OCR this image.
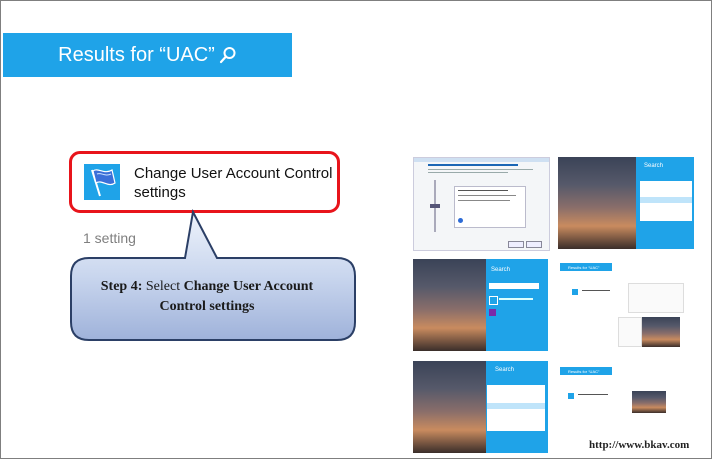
Results for “UAC”
Change User Account Control settings
1 setting
Step 4: Select Change User Account
Control settings
Search
Search	Results for “UAC”
Search	Results for “UAC”
http://www.bkav.com
